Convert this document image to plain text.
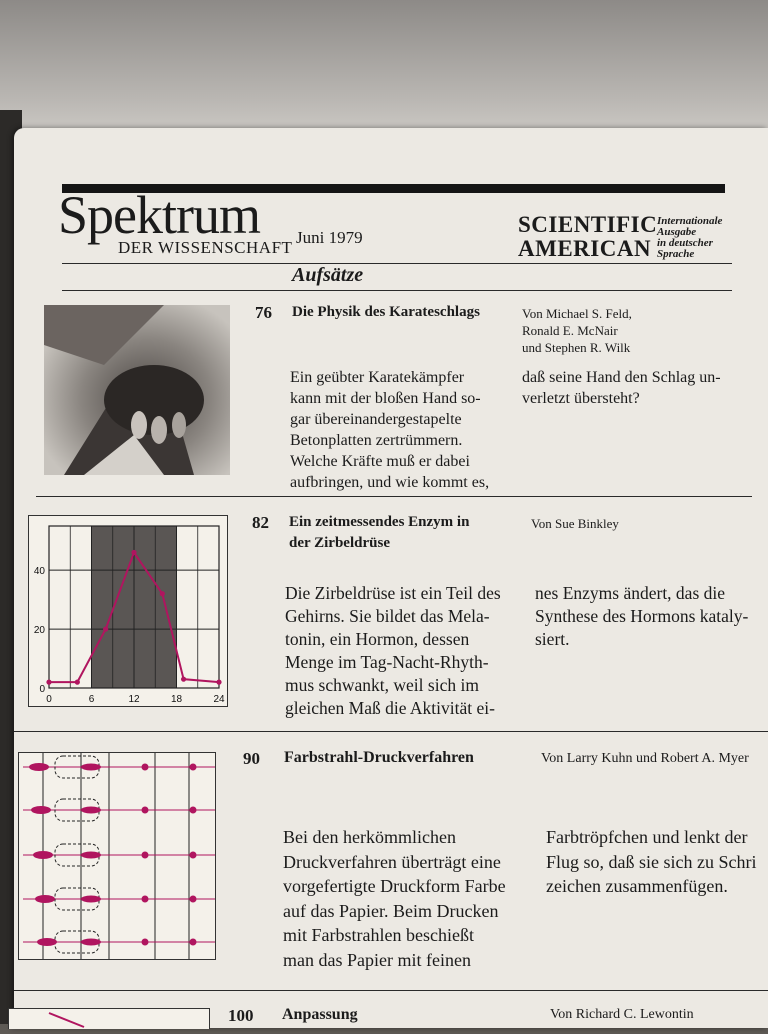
Spektrum
DER WISSENSCHAFT
Juni 1979
SCIENTIFIC
AMERICAN
Internationale
Ausgabe
in deutscher
Sprache
Aufsätze
76 Die Physik des Karateschlags	Von Michael S. Feld,
Ronald E. McNair
und Stephen R. Wilk
Ein geübter Karatekämpfer
kann mit der bloßen Hand so-
gar übereinandergestapelte
Betonplatten zertrümmern.
Welche Kräfte muß er dabei
aufbringen, und wie kommt es,
daß seine Hand den Schlag un-
verletzt übersteht?
0	6	12	18	24
0
20
40
82 Ein zeitmessendes Enzym in
der Zirbeldrüse
Von Sue Binkley
Die Zirbeldrüse ist ein Teil des
Gehirns. Sie bildet das Mela-
tonin, ein Hormon, dessen
Menge im Tag-Nacht-Rhyth-
mus schwankt, weil sich im
gleichen Maß die Aktivität ei-
nes Enzyms ändert, das die
Synthese des Hormons kataly-
siert.
90 Farbstrahl-Druckverfahren	Von Larry Kuhn und Robert A. Myer
Bei den herkömmlichen
Druckverfahren überträgt eine
vorgefertigte Druckform Farbe
auf das Papier. Beim Drucken
mit Farbstrahlen beschießt
man das Papier mit feinen
Farbtröpfchen und lenkt der
Flug so, daß sie sich zu Schri
zeichen zusammenfügen.
100 Anpassung	Von Richard C. Lewontin
